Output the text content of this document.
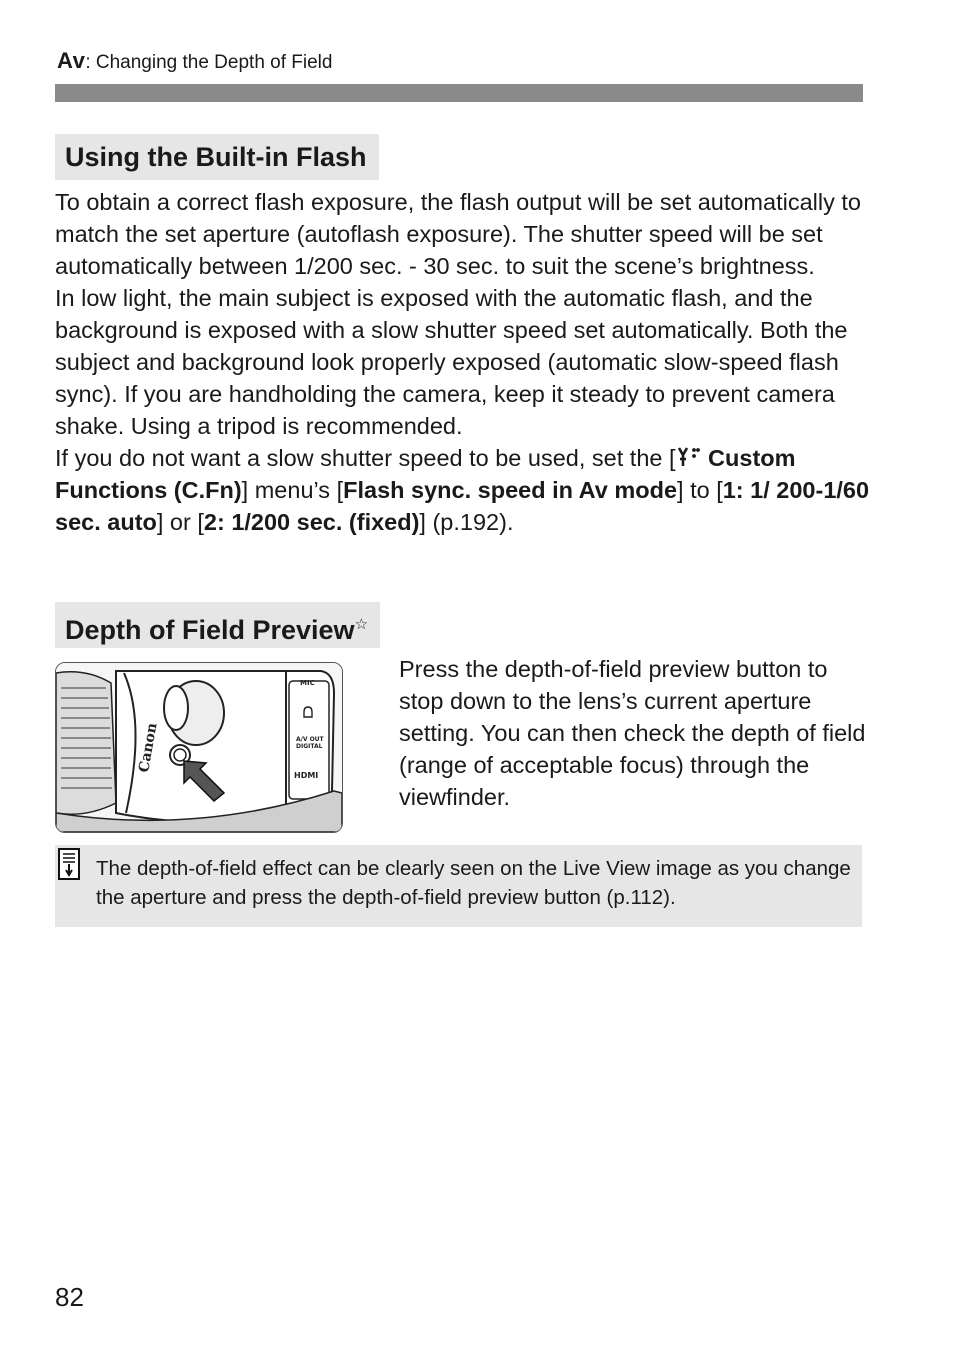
Av: Changing the Depth of Field
Using the Built-in Flash

To obtain a correct flash exposure, the flash output will be set automatically to match the set aperture (autoflash exposure). The shutter speed will be set automatically between 1/200 sec. - 30 sec. to suit the scene’s brightness.

In low light, the main subject is exposed with the automatic flash, and the background is exposed with a slow shutter speed set automatically. Both the subject and background look properly exposed (automatic slow-speed flash sync). If you are handholding the camera, keep it steady to prevent camera shake. Using a tripod is recommended.

If you do not want a slow shutter speed to be used, set the [ Custom Functions (C.Fn)] menu’s [Flash sync. speed in Av mode] to [1: 1/ 200-1/60 sec. auto] or [2: 1/200 sec. (fixed)] (p.192).

Depth of Field Preview☆
Canon
MIC
A/V OUT
DIGITAL
HDMI

Press the depth-of-field preview button to stop down to the lens’s current aperture setting. You can then check the depth of field (range of acceptable focus) through the viewfinder.

The depth-of-field effect can be clearly seen on the Live View image as you change the aperture and press the depth-of-field preview button (p.112).

82
